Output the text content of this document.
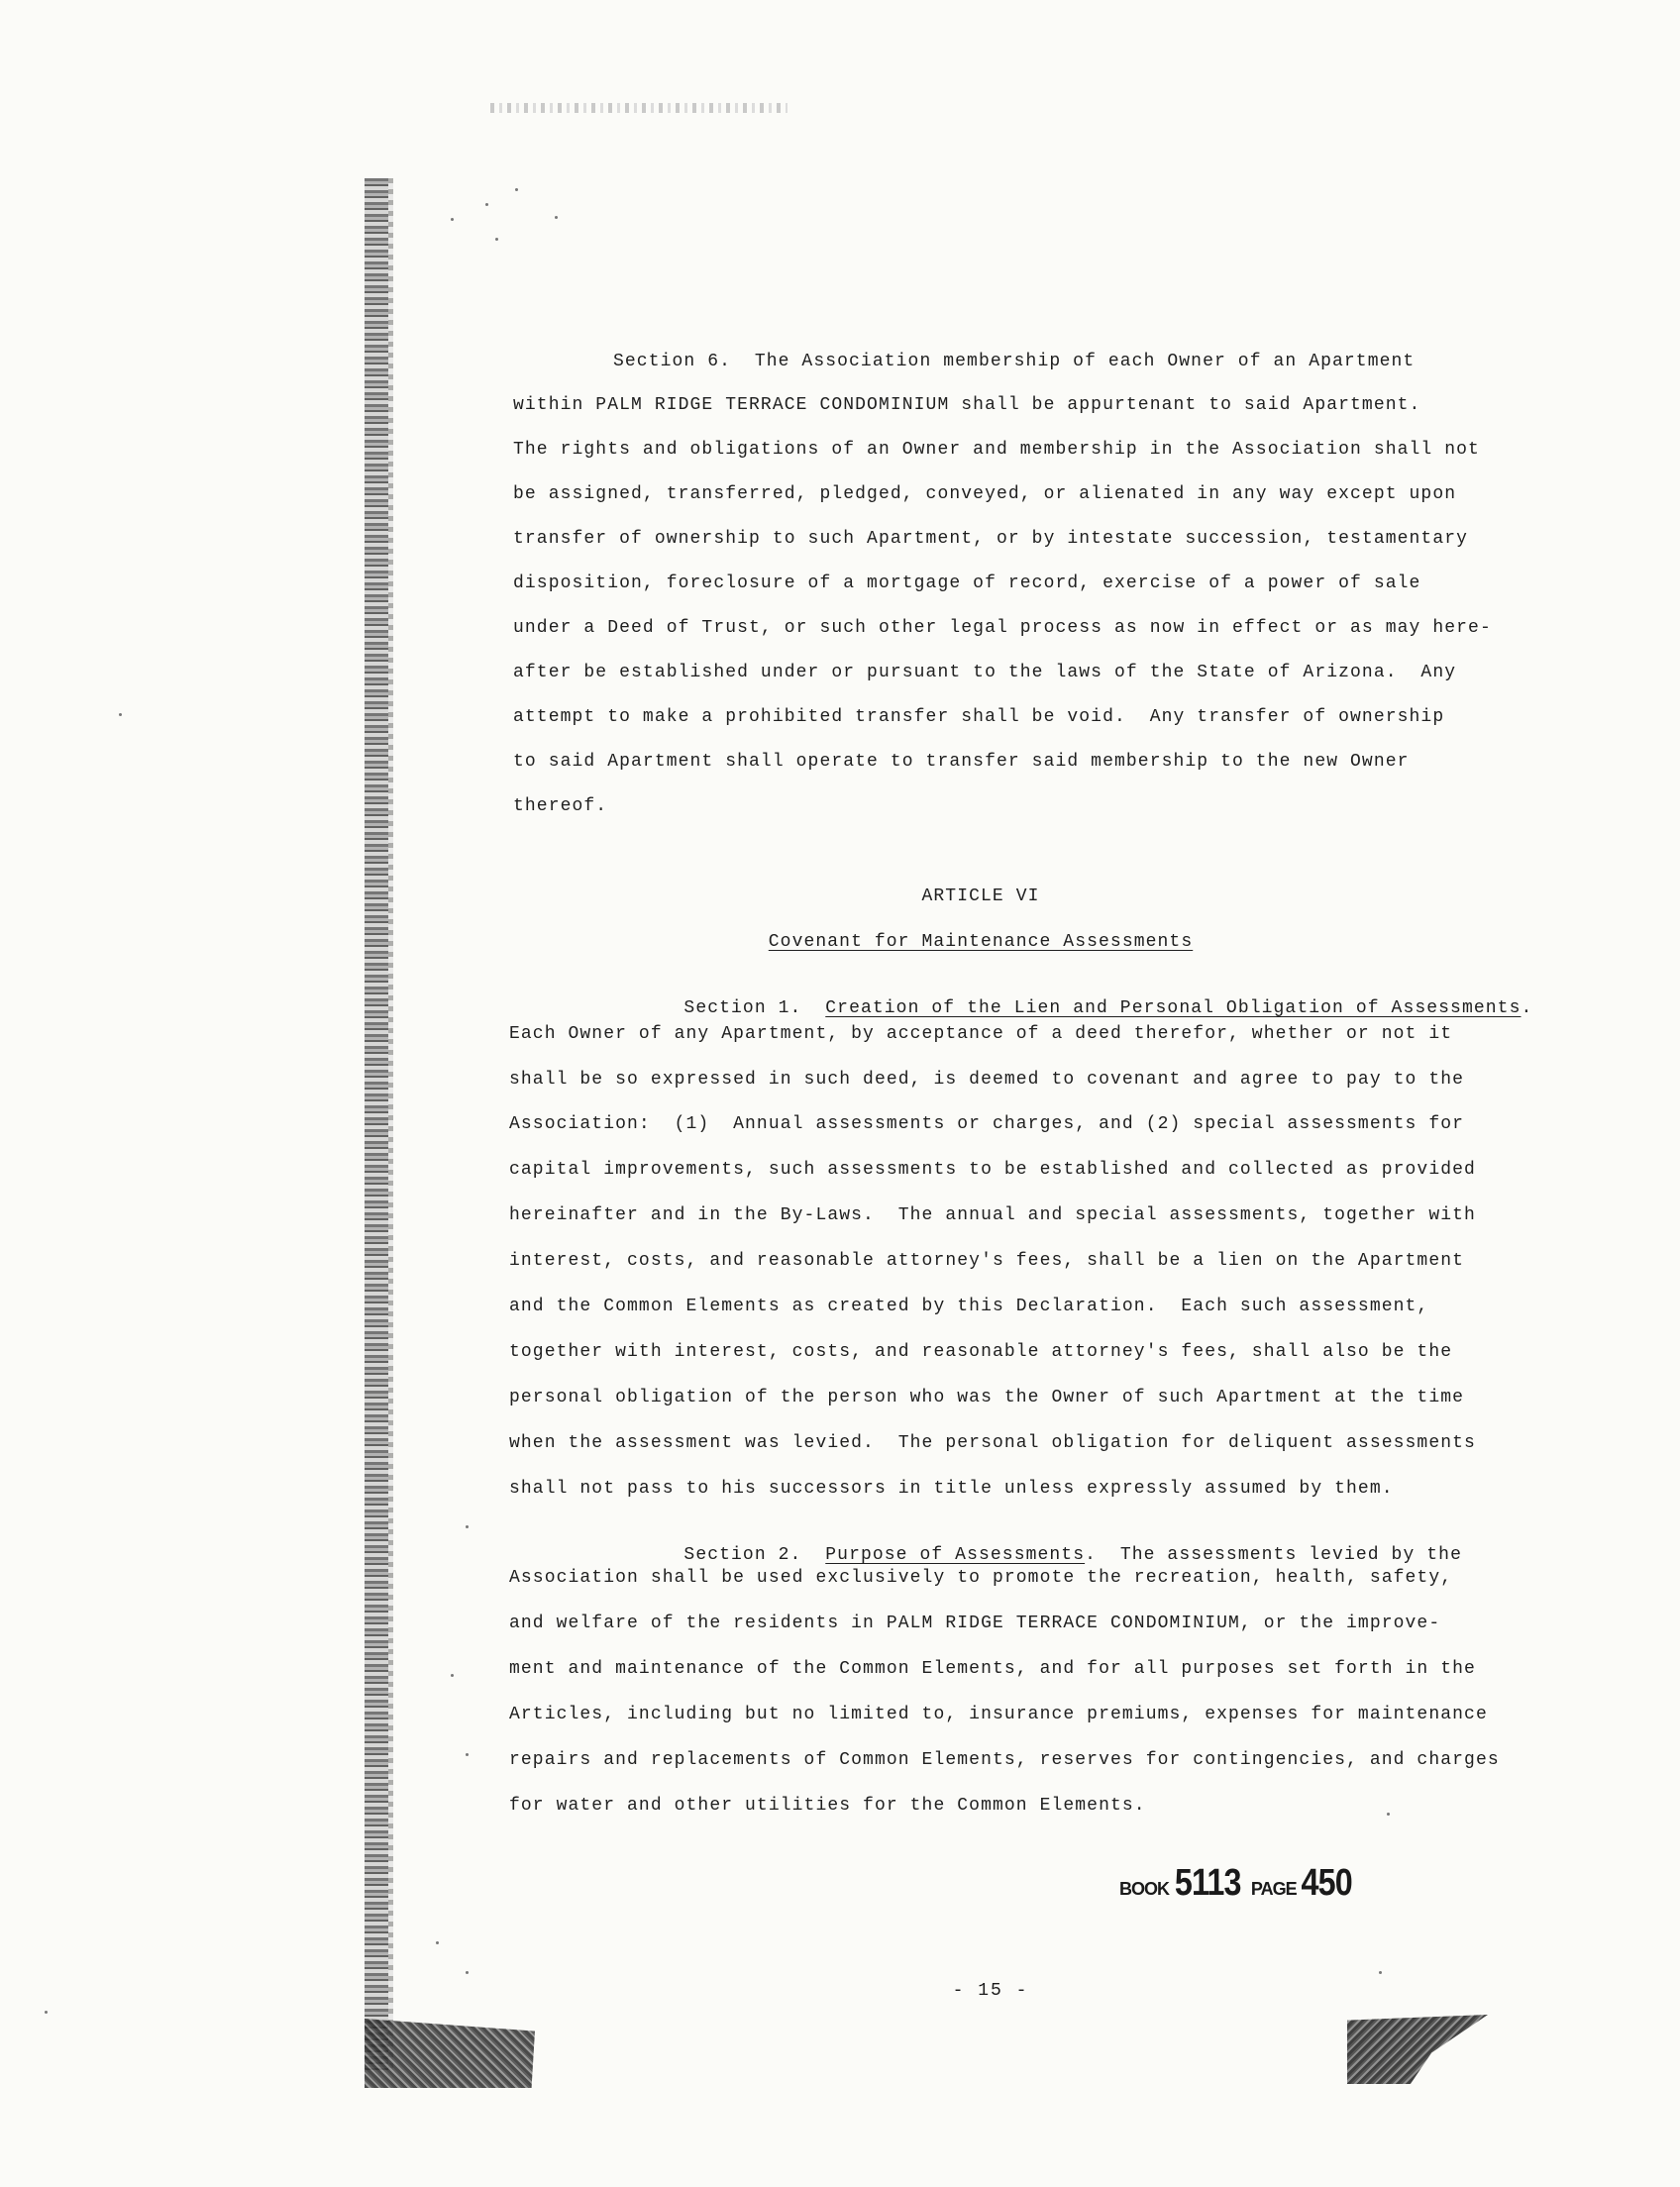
Section 6.  The Association membership of each Owner of an Apartment
within PALM RIDGE TERRACE CONDOMINIUM shall be appurtenant to said Apartment.
The rights and obligations of an Owner and membership in the Association shall not
be assigned, transferred, pledged, conveyed, or alienated in any way except upon
transfer of ownership to such Apartment, or by intestate succession, testamentary
disposition, foreclosure of a mortgage of record, exercise of a power of sale
under a Deed of Trust, or such other legal process as now in effect or as may here-
after be established under or pursuant to the laws of the State of Arizona.  Any
attempt to make a prohibited transfer shall be void.  Any transfer of ownership
to said Apartment shall operate to transfer said membership to the new Owner
thereof.
ARTICLE VI
Covenant for Maintenance Assessments

Section 1. Creation of the Lien and Personal Obligation of Assessments.

Each Owner of any Apartment, by acceptance of a deed therefor, whether or not it
shall be so expressed in such deed, is deemed to covenant and agree to pay to the
Association:  (1)  Annual assessments or charges, and (2) special assessments for
capital improvements, such assessments to be established and collected as provided
hereinafter and in the By-Laws.  The annual and special assessments, together with
interest, costs, and reasonable attorney's fees, shall be a lien on the Apartment
and the Common Elements as created by this Declaration.  Each such assessment,
together with interest, costs, and reasonable attorney's fees, shall also be the
personal obligation of the person who was the Owner of such Apartment at the time
when the assessment was levied.  The personal obligation for deliquent assessments
shall not pass to his successors in title unless expressly assumed by them.

Section 2. Purpose of Assessments.  The assessments levied by the

Association shall be used exclusively to promote the recreation, health, safety,
and welfare of the residents in PALM RIDGE TERRACE CONDOMINIUM, or the improve-
ment and maintenance of the Common Elements, and for all purposes set forth in the
Articles, including but no limited to, insurance premiums, expenses for maintenance
repairs and replacements of Common Elements, reserves for contingencies, and charges
for water and other utilities for the Common Elements.
BOOK 5113 PAGE 450
- 15 -
